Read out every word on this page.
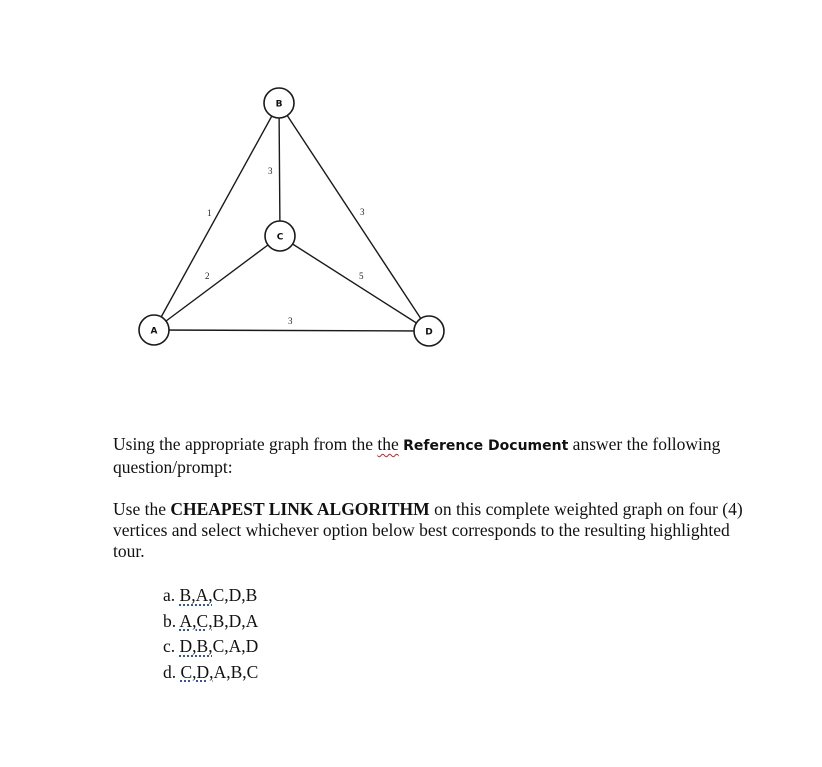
1
3
3
2	5
3
B
C
A	D

Using the appropriate graph from the the Reference Document answer the following question/prompt:

Use the CHEAPEST LINK ALGORITHM on this complete weighted graph on four (4) vertices and select whichever option below best corresponds to the resulting highlighted tour.

a. B,A,C,D,B
b. A,C,B,D,A
c. D,B,C,A,D
d. C,D,A,B,C
